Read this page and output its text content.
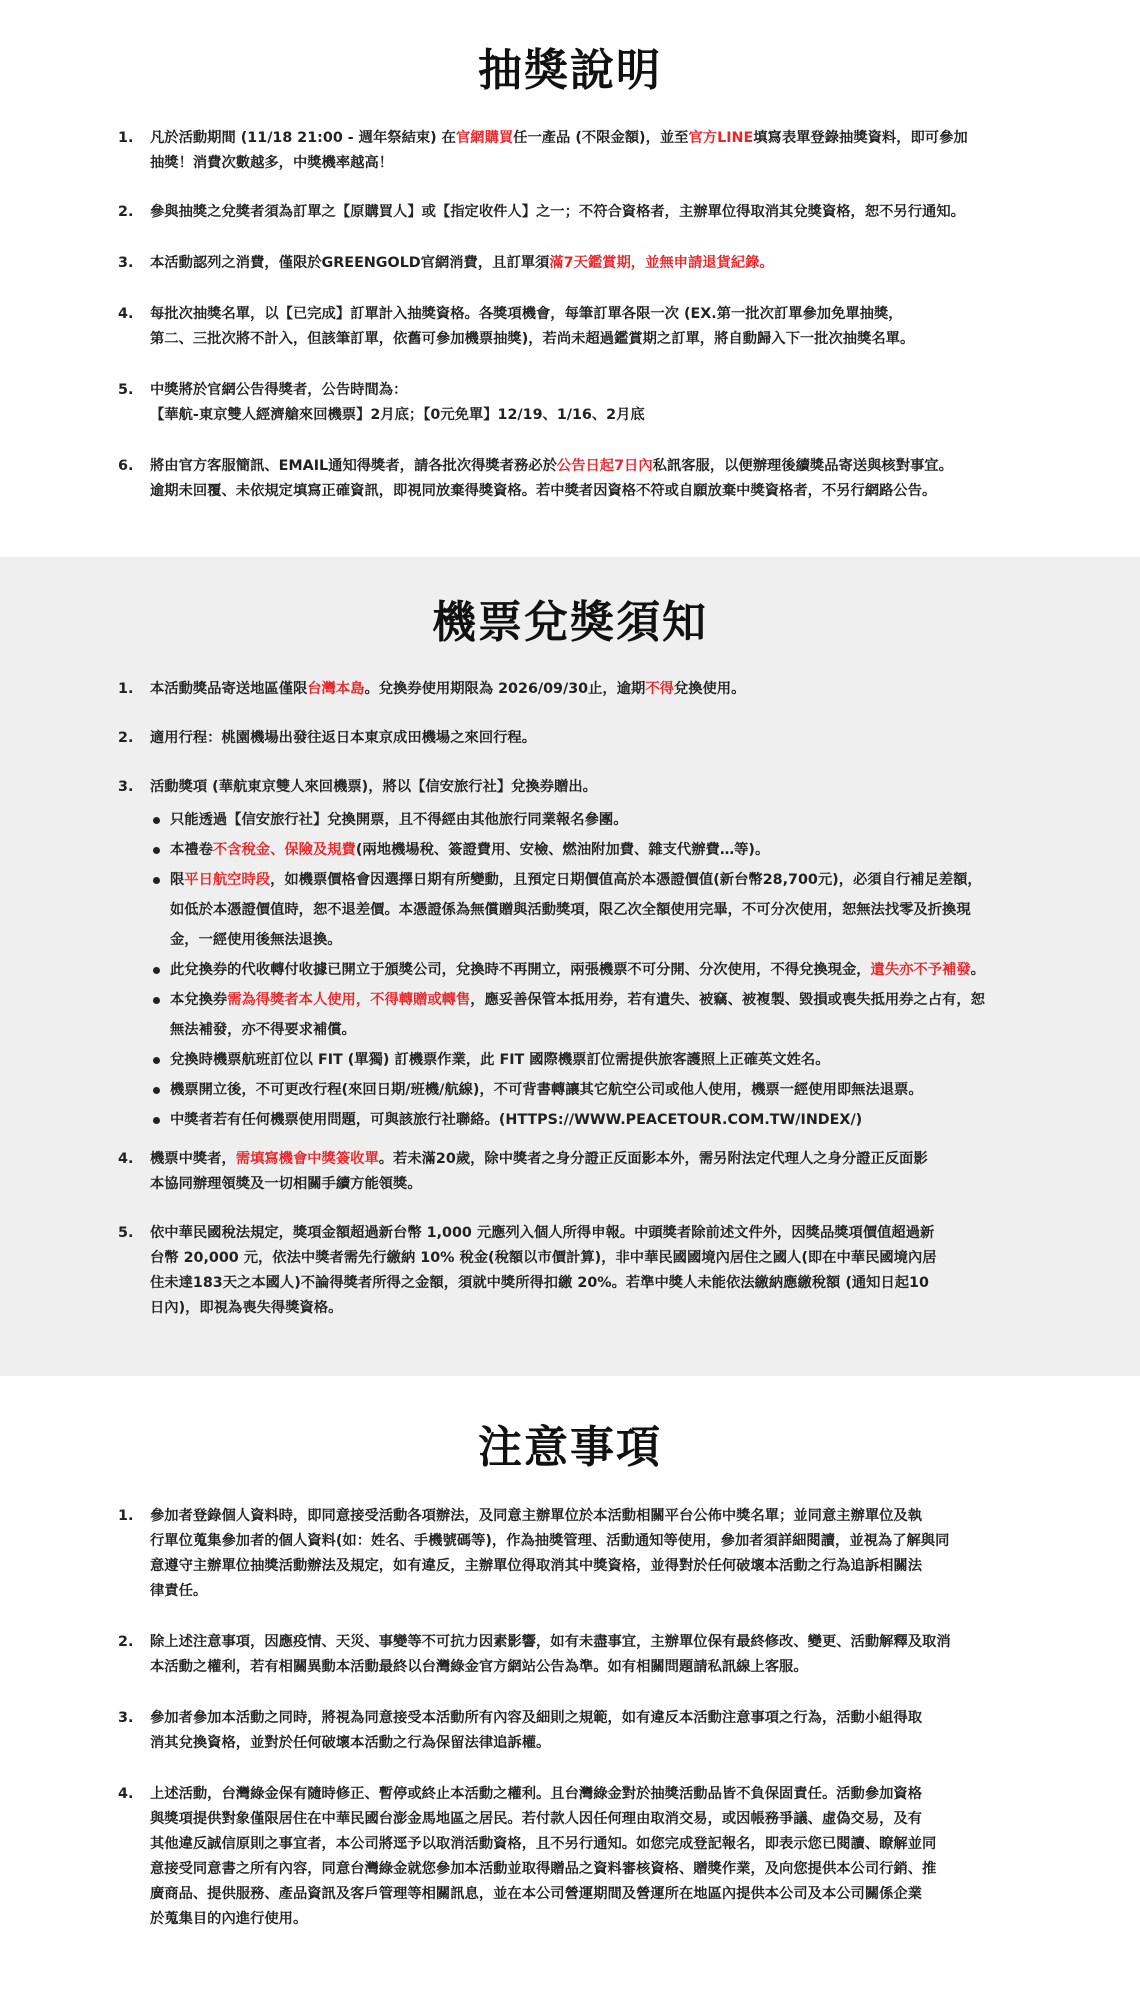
抽獎說明
1. 凡於活動期間 (11/18 21:00 - 週年祭結束) 在官網購買任一產品 (不限金額)，並至官方LINE填寫表單登錄抽獎資料，即可參加
抽獎！消費次數越多，中獎機率越高！
2. 參與抽獎之兌獎者須為訂單之【原購買人】或【指定收件人】之一；不符合資格者，主辦單位得取消其兌獎資格，恕不另行通知。
3. 本活動認列之消費，僅限於GREENGOLD官網消費，且訂單須滿7天鑑賞期，並無申請退貨紀錄。
4. 每批次抽獎名單，以【已完成】訂單計入抽獎資格。各獎項機會，每筆訂單各限一次 (EX.第一批次訂單參加免單抽獎，
第二、三批次將不計入，但該筆訂單，依舊可參加機票抽獎)，若尚未超過鑑賞期之訂單，將自動歸入下一批次抽獎名單。
5. 中獎將於官網公告得獎者，公告時間為：
【華航-東京雙人經濟艙來回機票】2月底；【0元免單】12/19、1/16、2月底
6. 將由官方客服簡訊、EMAIL通知得獎者，請各批次得獎者務必於公告日起7日內私訊客服，以便辦理後續獎品寄送與核對事宜。
逾期未回覆、未依規定填寫正確資訊，即視同放棄得獎資格。若中獎者因資格不符或自願放棄中獎資格者，不另行網路公告。
機票兌獎須知
1. 本活動獎品寄送地區僅限台灣本島。兌換券使用期限為 2026/09/30止，逾期不得兌換使用。
2. 適用行程：桃園機場出發往返日本東京成田機場之來回行程。
3. 活動獎項 (華航東京雙人來回機票)，將以【信安旅行社】兌換券贈出。
只能透過【信安旅行社】兌換開票，且不得經由其他旅行同業報名參團。
本禮卷不含稅金、保險及規費(兩地機場稅、簽證費用、安檢、燃油附加費、雜支代辦費…等)。
限平日航空時段，如機票價格會因選擇日期有所變動，且預定日期價值高於本憑證價值(新台幣28,700元)，必須自行補足差額，
如低於本憑證價值時，恕不退差價。本憑證係為無償贈與活動獎項，限乙次全額使用完畢，不可分次使用，恕無法找零及折換現
金，一經使用後無法退換。
此兌換券的代收轉付收據已開立于頒獎公司，兌換時不再開立，兩張機票不可分開、分次使用，不得兌換現金，遺失亦不予補發。
本兌換券需為得獎者本人使用，不得轉贈或轉售，應妥善保管本抵用券，若有遺失、被竊、被複製、毀損或喪失抵用券之占有，恕
無法補發，亦不得要求補償。
兌換時機票航班訂位以 FIT (單獨) 訂機票作業，此 FIT 國際機票訂位需提供旅客護照上正確英文姓名。
機票開立後，不可更改行程(來回日期/班機/航線)，不可背書轉讓其它航空公司或他人使用，機票一經使用即無法退票。
中獎者若有任何機票使用問題，可與該旅行社聯絡。(HTTPS://WWW.PEACETOUR.COM.TW/INDEX/)
4. 機票中獎者，需填寫機會中獎簽收單。若未滿20歲，除中獎者之身分證正反面影本外，需另附法定代理人之身分證正反面影
本協同辦理領獎及一切相關手續方能領獎。
5. 依中華民國稅法規定，獎項金額超過新台幣 1,000 元應列入個人所得申報。中頭獎者除前述文件外，因獎品獎項價值超過新
台幣 20,000 元，依法中獎者需先行繳納 10% 稅金(稅額以市價計算)，非中華民國國境內居住之國人(即在中華民國境內居
住未達183天之本國人)不論得獎者所得之金額，須就中獎所得扣繳 20%。若準中獎人未能依法繳納應繳稅額 (通知日起10
日內)，即視為喪失得獎資格。
注意事項
1. 參加者登錄個人資料時，即同意接受活動各項辦法，及同意主辦單位於本活動相關平台公佈中獎名單；並同意主辦單位及執
行單位蒐集參加者的個人資料(如：姓名、手機號碼等)，作為抽獎管理、活動通知等使用，參加者須詳細閱讀，並視為了解與同
意遵守主辦單位抽獎活動辦法及規定，如有違反，主辦單位得取消其中獎資格，並得對於任何破壞本活動之行為追訴相關法
律責任。
2. 除上述注意事項，因應疫情、天災、事變等不可抗力因素影響，如有未盡事宜，主辦單位保有最終修改、變更、活動解釋及取消
本活動之權利，若有相關異動本活動最終以台灣綠金官方網站公告為準。如有相關問題請私訊線上客服。
3. 參加者參加本活動之同時，將視為同意接受本活動所有內容及細則之規範，如有違反本活動注意事項之行為，活動小組得取
消其兌換資格，並對於任何破壞本活動之行為保留法律追訴權。
4. 上述活動，台灣綠金保有隨時修正、暫停或終止本活動之權利。且台灣綠金對於抽獎活動品皆不負保固責任。活動參加資格
與獎項提供對象僅限居住在中華民國台澎金馬地區之居民。若付款人因任何理由取消交易，或因帳務爭議、虛偽交易，及有
其他違反誠信原則之事宜者，本公司將逕予以取消活動資格，且不另行通知。如您完成登記報名，即表示您已閱讀、瞭解並同
意接受同意書之所有內容，同意台灣綠金就您參加本活動並取得贈品之資料審核資格、贈獎作業，及向您提供本公司行銷、推
廣商品、提供服務、產品資訊及客戶管理等相關訊息，並在本公司營運期間及營運所在地區內提供本公司及本公司關係企業
於蒐集目的內進行使用。
